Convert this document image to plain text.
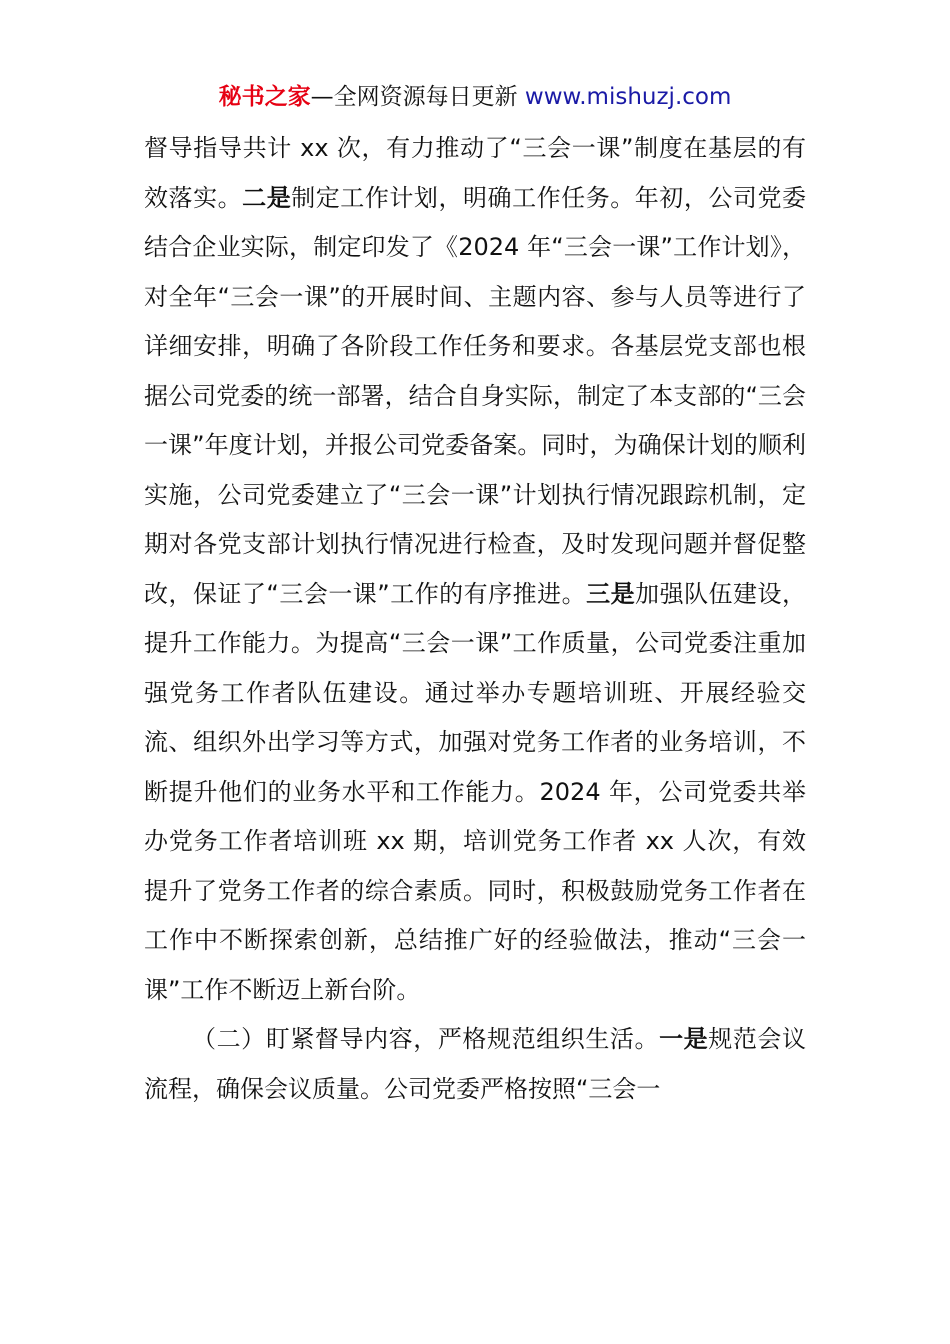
秘书之家—全网资源每日更新 www.mishuzj.com

督导指导共计 xx 次，有力推动了“三会一课”制度在基层的有效落实。二是制定工作计划，明确工作任务。年初，公司党委结合企业实际，制定印发了《2024 年“三会一课”工作计划》，对全年“三会一课”的开展时间、主题内容、参与人员等进行了详细安排，明确了各阶段工作任务和要求。各基层党支部也根据公司党委的统一部署，结合自身实际，制定了本支部的“三会一课”年度计划，并报公司党委备案。同时，为确保计划的顺利实施，公司党委建立了“三会一课”计划执行情况跟踪机制，定期对各党支部计划执行情况进行检查，及时发现问题并督促整改，保证了“三会一课”工作的有序推进。三是加强队伍建设，提升工作能力。为提高“三会一课”工作质量，公司党委注重加强党务工作者队伍建设。通过举办专题培训班、开展经验交流、组织外出学习等方式，加强对党务工作者的业务培训，不断提升他们的业务水平和工作能力。2024 年，公司党委共举办党务工作者培训班 xx 期，培训党务工作者 xx 人次，有效提升了党务工作者的综合素质。同时，积极鼓励党务工作者在工作中不断探索创新，总结推广好的经验做法，推动“三会一课”工作不断迈上新台阶。

（二）盯紧督导内容，严格规范组织生活。一是规范会议流程，确保会议质量。公司党委严格按照“三会一
